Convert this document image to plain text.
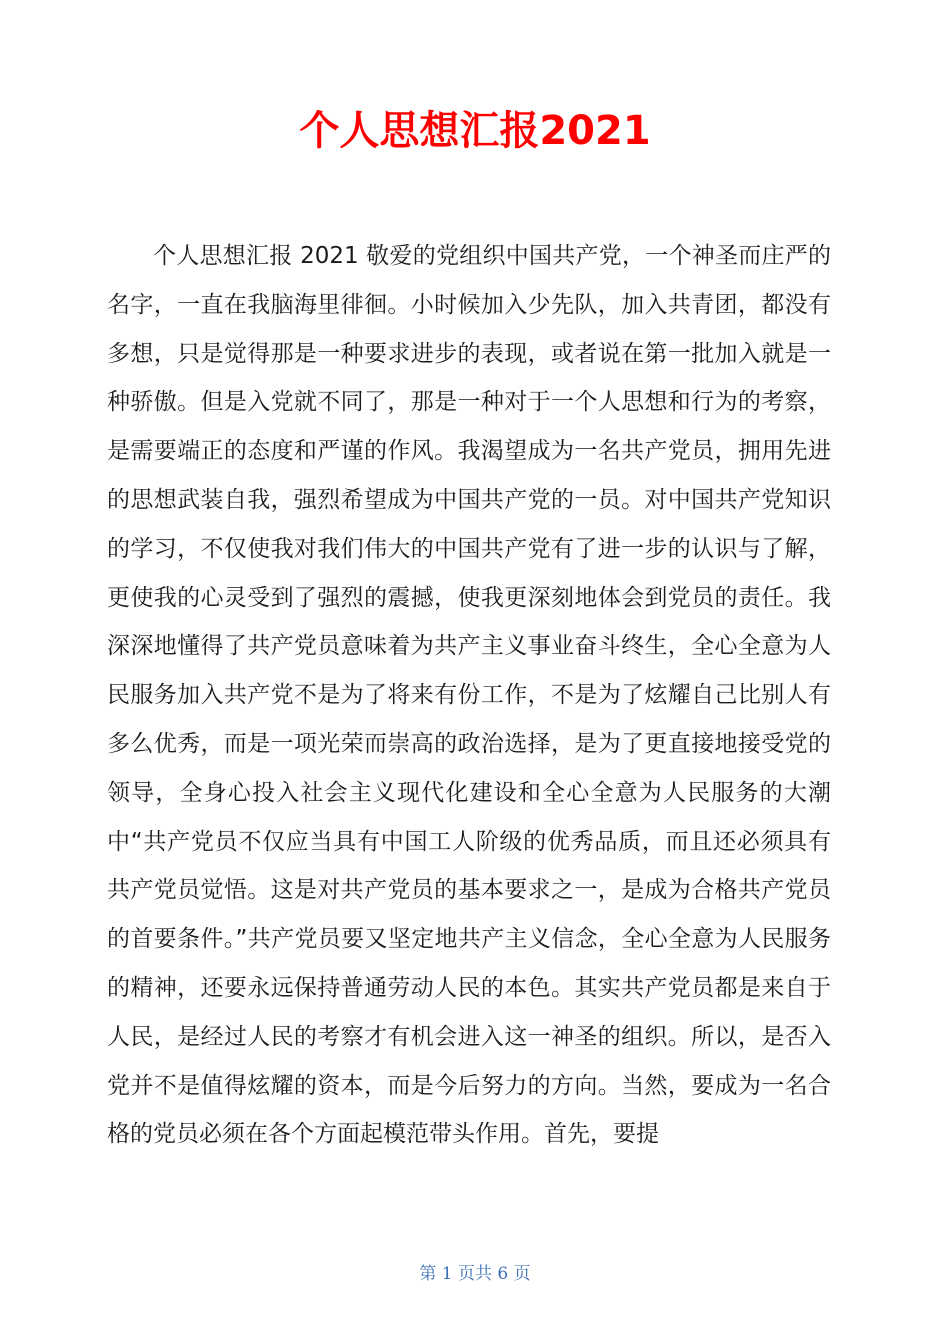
个人思想汇报2021

个人思想汇报 2021 敬爱的党组织中国共产党，一个神圣而庄严的名字，一直在我脑海里徘徊。小时候加入少先队，加入共青团，都没有多想，只是觉得那是一种要求进步的表现，或者说在第一批加入就是一种骄傲。但是入党就不同了，那是一种对于一个人思想和行为的考察，是需要端正的态度和严谨的作风。我渴望成为一名共产党员，拥用先进的思想武装自我，强烈希望成为中国共产党的一员。对中国共产党知识的学习，不仅使我对我们伟大的中国共产党有了进一步的认识与了解，更使我的心灵受到了强烈的震撼，使我更深刻地体会到党员的责任。我深深地懂得了共产党员意味着为共产主义事业奋斗终生，全心全意为人民服务加入共产党不是为了将来有份工作，不是为了炫耀自己比别人有多么优秀，而是一项光荣而崇高的政治选择，是为了更直接地接受党的领导，全身心投入社会主义现代化建设和全心全意为人民服务的大潮中“共产党员不仅应当具有中国工人阶级的优秀品质，而且还必须具有共产党员觉悟。这是对共产党员的基本要求之一，是成为合格共产党员的首要条件。”共产党员要又坚定地共产主义信念，全心全意为人民服务的精神，还要永远保持普通劳动人民的本色。其实共产党员都是来自于人民，是经过人民的考察才有机会进入这一神圣的组织。所以，是否入党并不是值得炫耀的资本，而是今后努力的方向。当然，要成为一名合格的党员必须在各个方面起模范带头作用。首先，要提

第 1 页共 6 页
